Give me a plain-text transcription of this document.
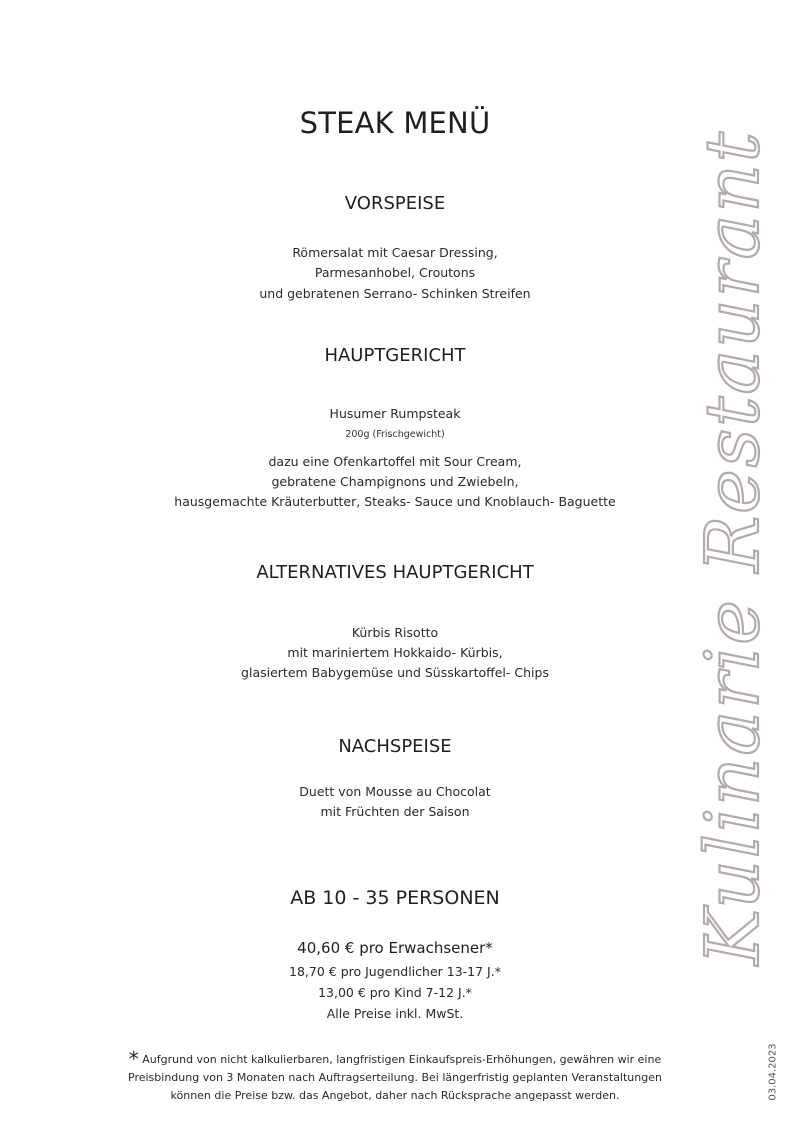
STEAK MENÜ
VORSPEISE
Römersalat mit Caesar Dressing,
Parmesanhobel, Croutons
und gebratenen Serrano- Schinken Streifen
HAUPTGERICHT
Husumer Rumpsteak
200g (Frischgewicht)
dazu eine Ofenkartoffel mit Sour Cream,
gebratene Champignons und Zwiebeln,
hausgemachte Kräuterbutter, Steaks- Sauce und Knoblauch- Baguette
ALTERNATIVES HAUPTGERICHT
Kürbis Risotto
mit mariniertem Hokkaido- Kürbis,
glasiertem Babygemüse und Süsskartoffel- Chips
NACHSPEISE
Duett von Mousse au Chocolat
mit Früchten der Saison
AB 10 - 35 PERSONEN
40,60 € pro Erwachsener*
18,70 € pro Jugendlicher 13-17 J.*
13,00 € pro Kind 7-12 J.*
Alle Preise inkl. MwSt.
* Aufgrund von nicht kalkulierbaren, langfristigen Einkaufspreis-Erhöhungen, gewähren wir eine
Preisbindung von 3 Monaten nach Auftragserteilung. Bei längerfristig geplanten Veranstaltungen
können die Preise bzw. das Angebot, daher nach Rücksprache angepasst werden.
Kulinarie Restaurant
03.04.2023
